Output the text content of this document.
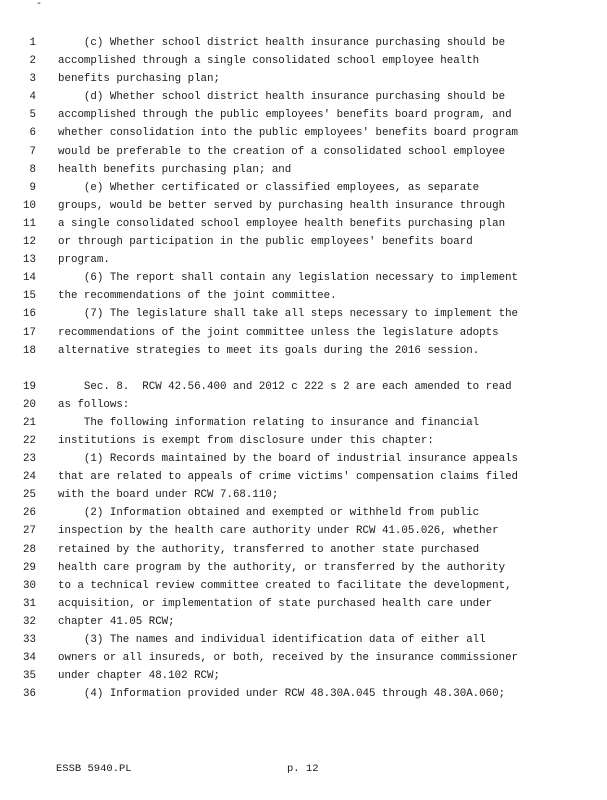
-
1 (c) Whether school district health insurance purchasing should be
2 accomplished through a single consolidated school employee health
3 benefits purchasing plan;
4 (d) Whether school district health insurance purchasing should be
5 accomplished through the public employees' benefits board program, and
6 whether consolidation into the public employees' benefits board program
7 would be preferable to the creation of a consolidated school employee
8 health benefits purchasing plan; and
9 (e) Whether certificated or classified employees, as separate
10 groups, would be better served by purchasing health insurance through
11 a single consolidated school employee health benefits purchasing plan
12 or through participation in the public employees' benefits board
13 program.
14 (6) The report shall contain any legislation necessary to implement
15 the recommendations of the joint committee.
16 (7) The legislature shall take all steps necessary to implement the
17 recommendations of the joint committee unless the legislature adopts
18 alternative strategies to meet its goals during the 2016 session.
19 Sec. 8.  RCW 42.56.400 and 2012 c 222 s 2 are each amended to read
20 as follows:
21 The following information relating to insurance and financial
22 institutions is exempt from disclosure under this chapter:
23 (1) Records maintained by the board of industrial insurance appeals
24 that are related to appeals of crime victims' compensation claims filed
25 with the board under RCW 7.68.110;
26 (2) Information obtained and exempted or withheld from public
27 inspection by the health care authority under RCW 41.05.026, whether
28 retained by the authority, transferred to another state purchased
29 health care program by the authority, or transferred by the authority
30 to a technical review committee created to facilitate the development,
31 acquisition, or implementation of state purchased health care under
32 chapter 41.05 RCW;
33 (3) The names and individual identification data of either all
34 owners or all insureds, or both, received by the insurance commissioner
35 under chapter 48.102 RCW;
36 (4) Information provided under RCW 48.30A.045 through 48.30A.060;
ESSB 5940.PL	p. 12
